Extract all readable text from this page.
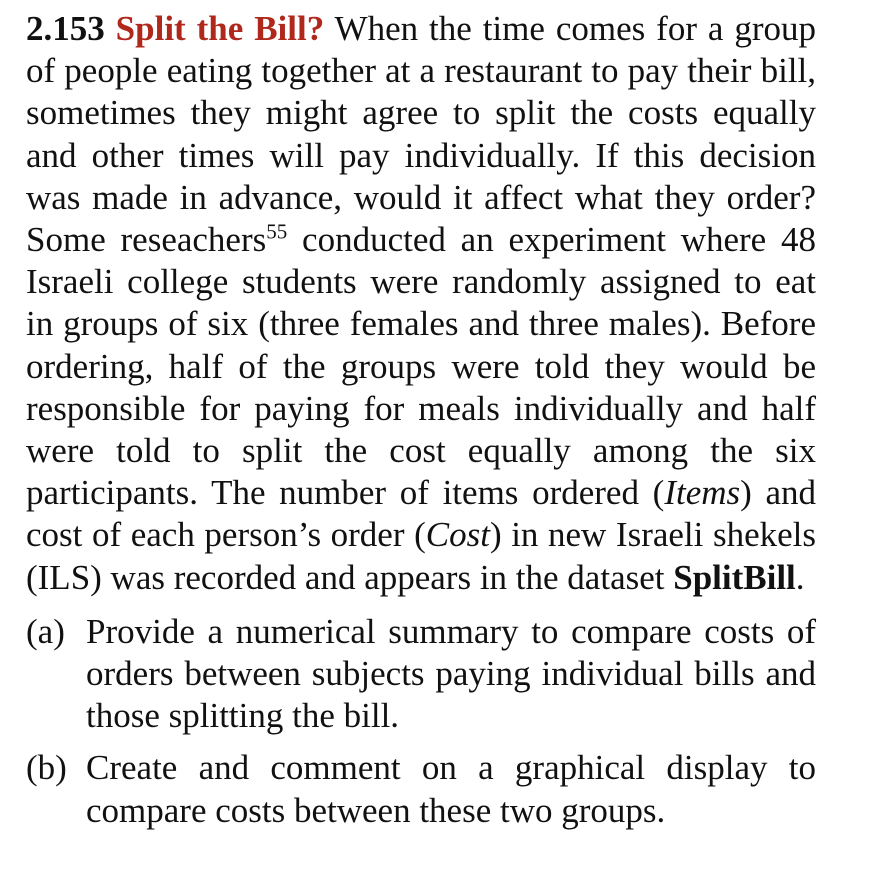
2.153 Split the Bill? When the time comes for a group of people eating together at a restaurant to pay their bill, sometimes they might agree to split the costs equally and other times will pay individually. If this decision was made in advance, would it affect what they order? Some reseachers$^{55}$ conducted an experiment where 48 Israeli college students were randomly assigned to eat in groups of six (three females and three males). Before ordering, half of the groups were told they would be responsible for paying for meals individually and half were told to split the cost equally among the six participants. The number of items ordered (Items) and cost of each person’s order (Cost) in new Israeli shekels (ILS) was recorded and appears in the dataset SplitBill.

(a) Provide a numerical summary to compare costs of orders between subjects paying individual bills and those splitting the bill.

(b) Create and comment on a graphical display to compare costs between these two groups.
